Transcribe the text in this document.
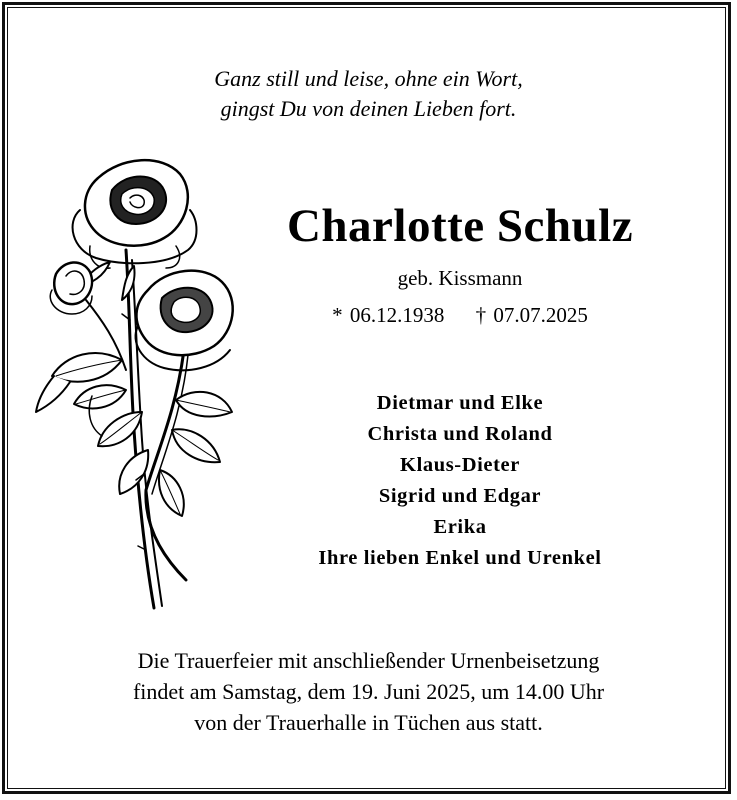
Ganz still und leise, ohne ein Wort,
gingst Du von deinen Lieben fort.
Charlotte Schulz
geb. Kissmann
* 06.12.1938 † 07.07.2025
Dietmar und Elke
Christa und Roland
Klaus-Dieter
Sigrid und Edgar
Erika
Ihre lieben Enkel und Urenkel
Die Trauerfeier mit anschließender Urnenbeisetzung
findet am Samstag, dem 19. Juni 2025, um 14.00 Uhr
von der Trauerhalle in Tüchen aus statt.
